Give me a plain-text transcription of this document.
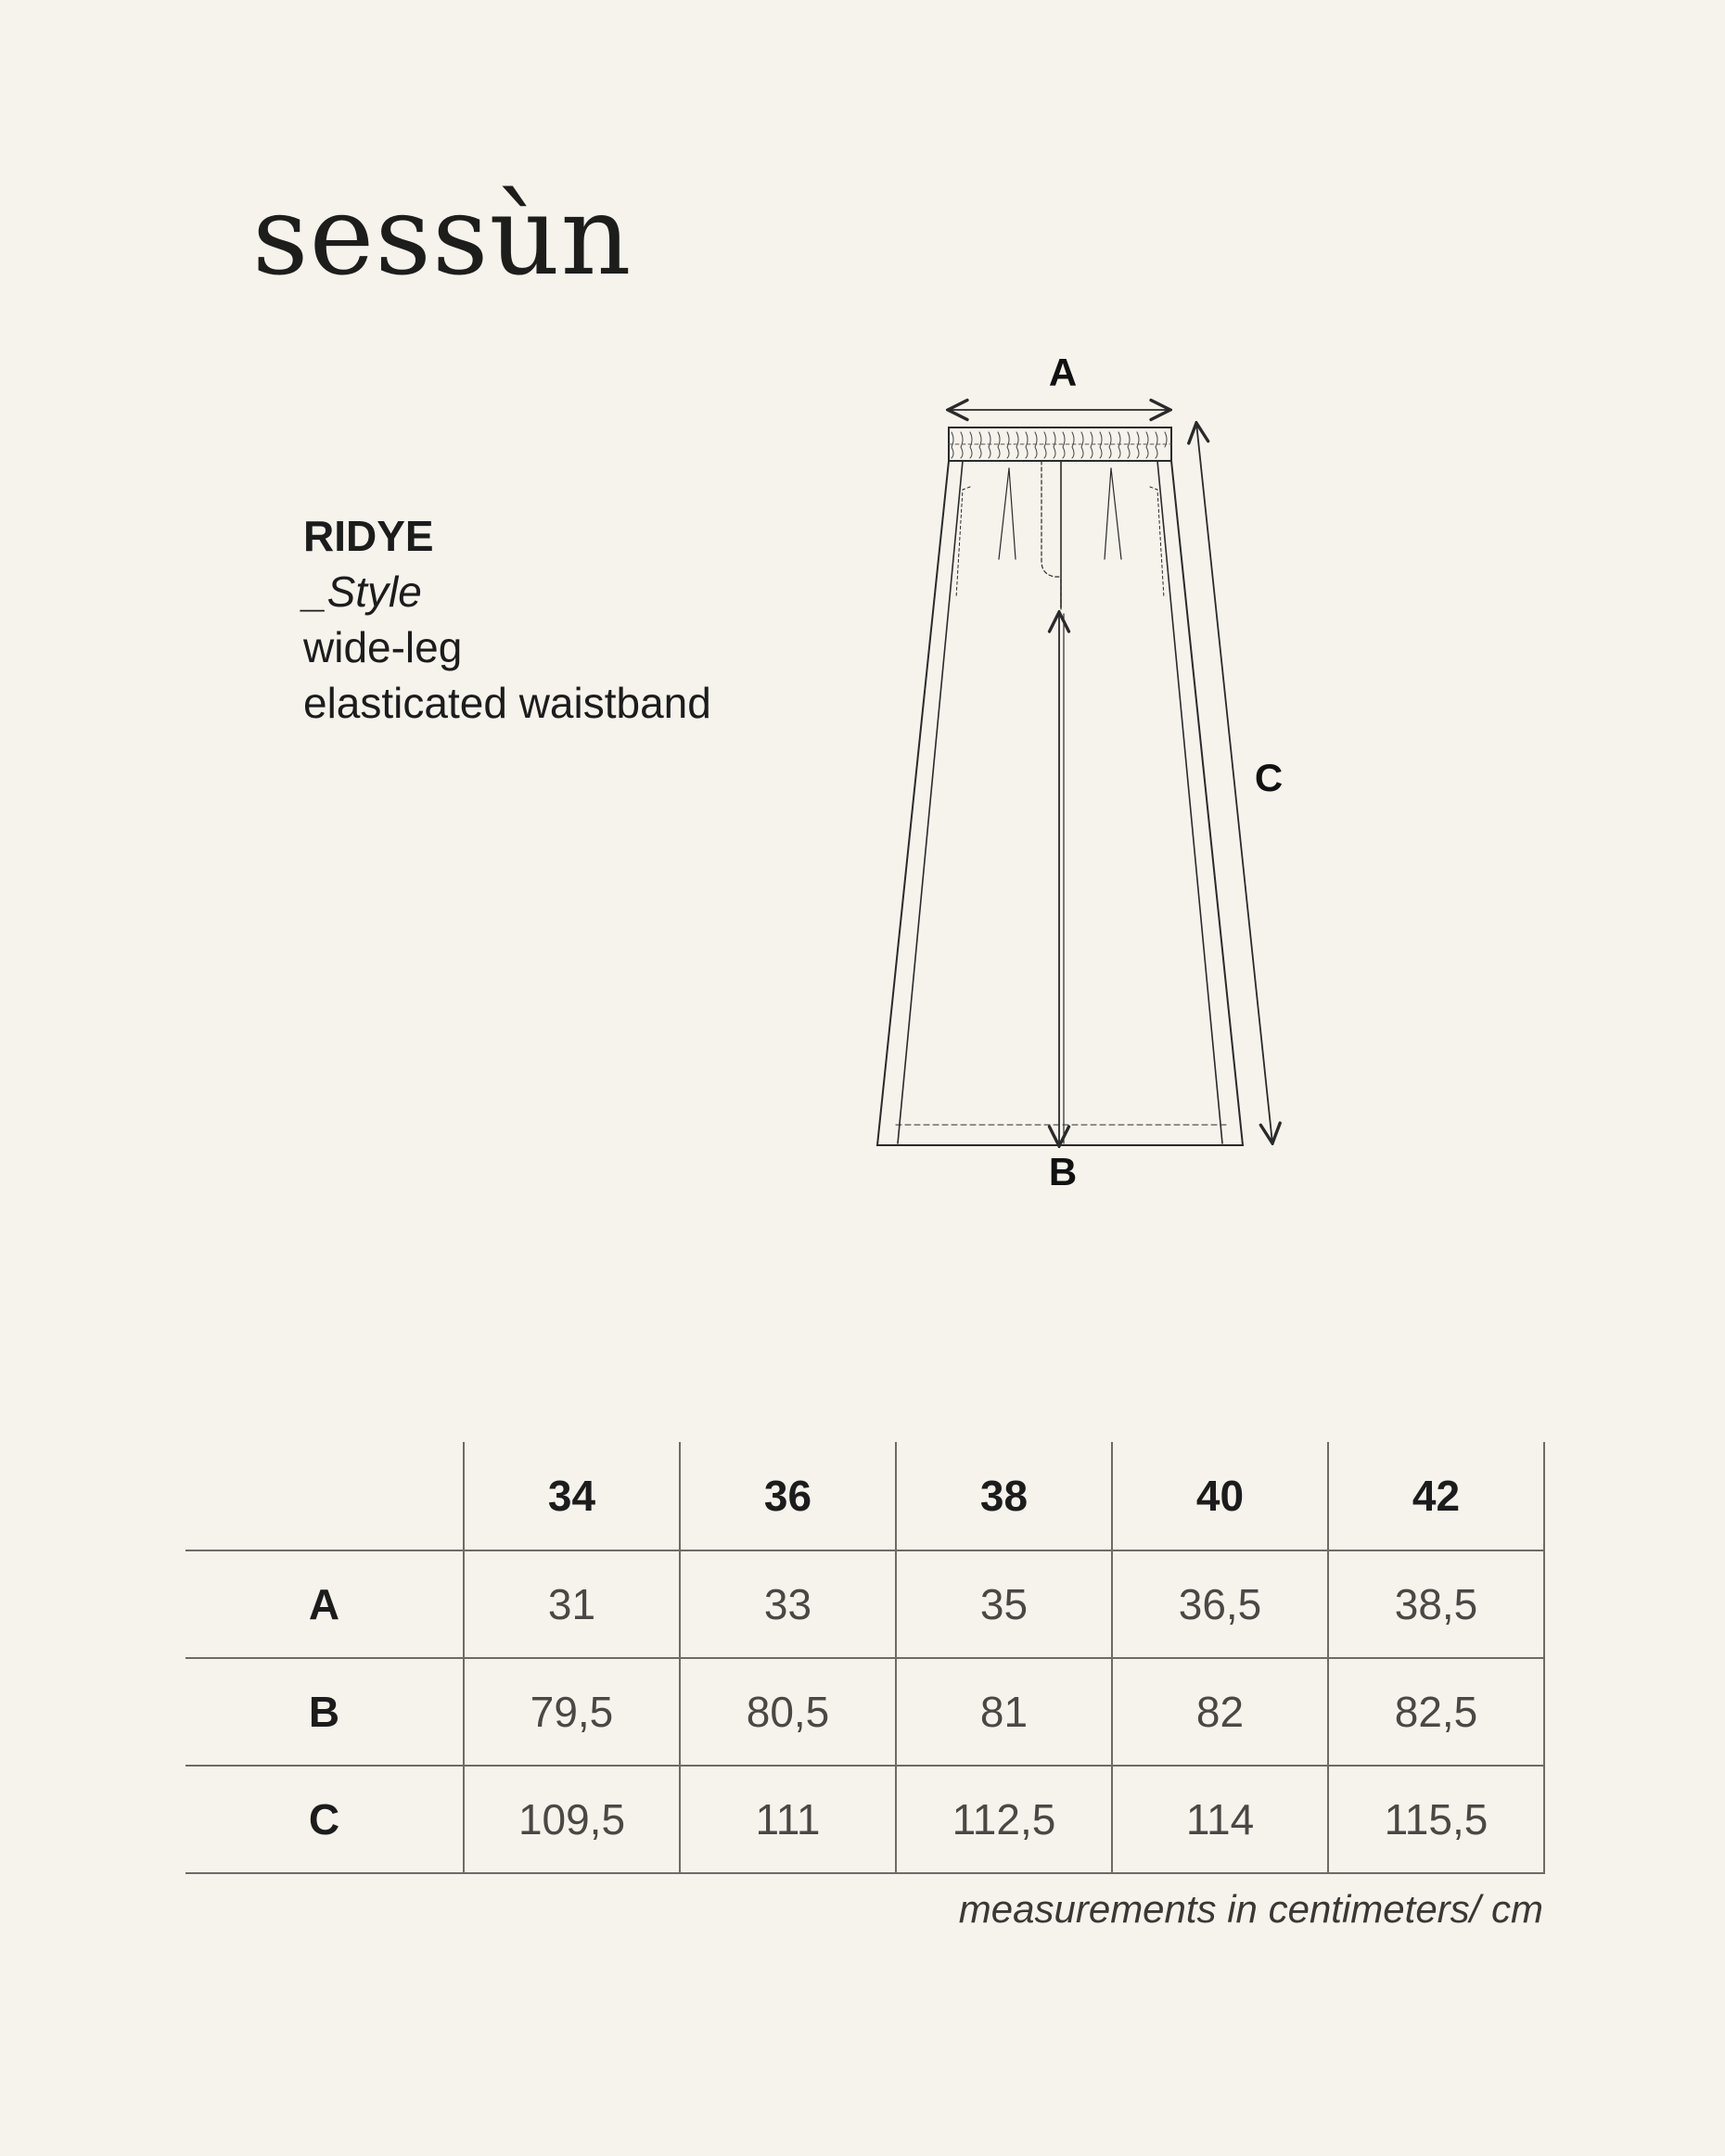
sessùn
RIDYE
_Style
wide-leg
elasticated waistband
A
C
B
	34	36	38	40	42
A	31	33	35	36,5	38,5
B	79,5	80,5	81	82	82,5
C	109,5	111	112,5	114	115,5
measurements in centimeters/ cm
